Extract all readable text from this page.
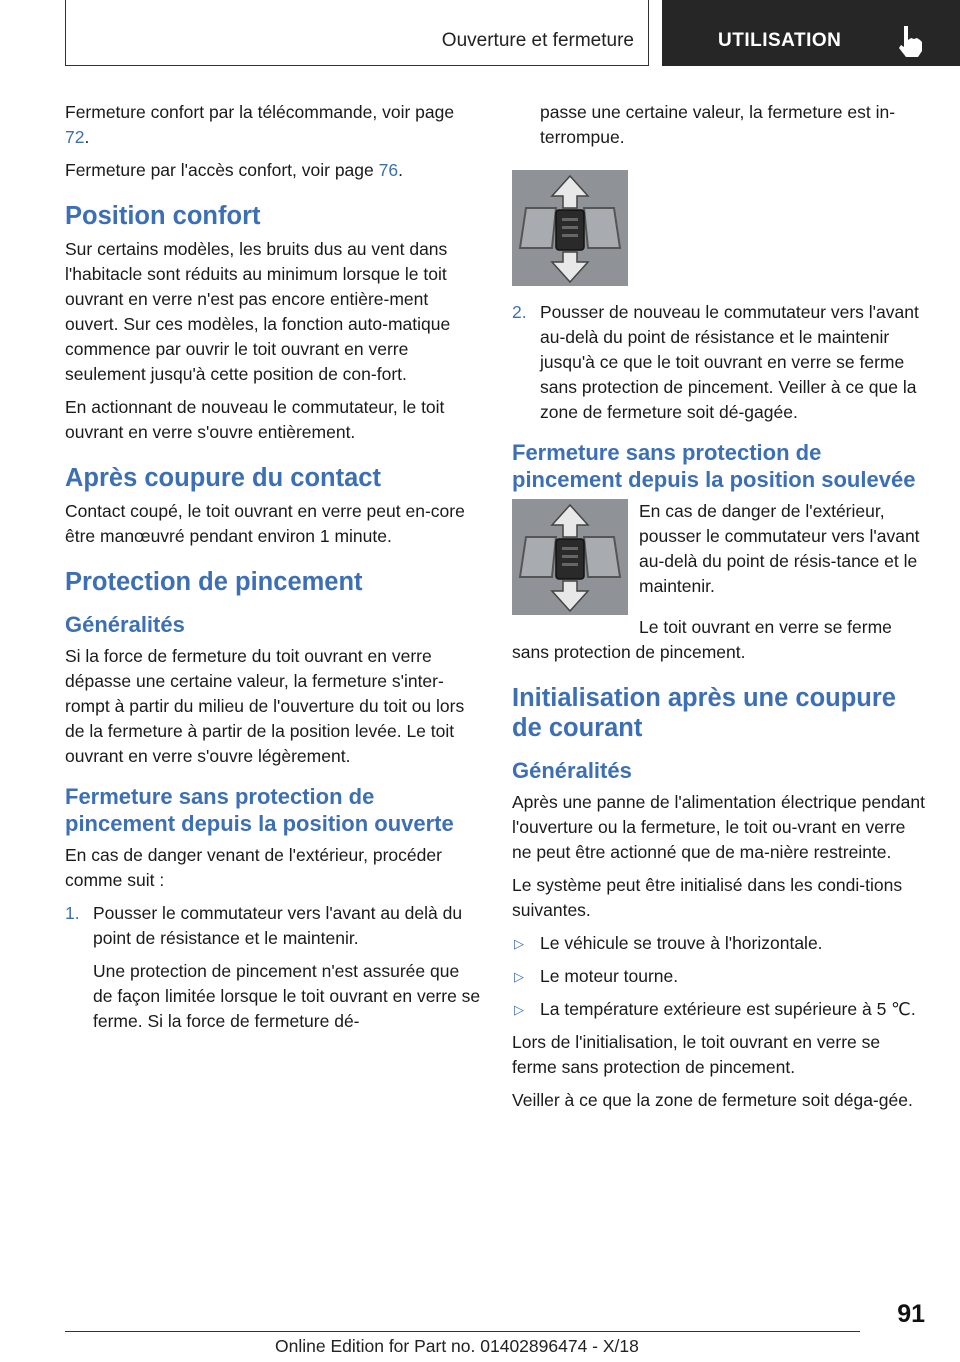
Ouverture et fermeture	UTILISATION

Fermeture confort par la télécommande, voir page 72.

Fermeture par l'accès confort, voir page 76.

Position confort

Sur certains modèles, les bruits dus au vent dans l'habitacle sont réduits au minimum lorsque le toit ouvrant en verre n'est pas encore entière-ment ouvert. Sur ces modèles, la fonction auto-matique commence par ouvrir le toit ouvrant en verre seulement jusqu'à cette position de con-fort.

En actionnant de nouveau le commutateur, le toit ouvrant en verre s'ouvre entièrement.

Après coupure du contact

Contact coupé, le toit ouvrant en verre peut en-core être manœuvré pendant environ 1 minute.

Protection de pincement
Généralités

Si la force de fermeture du toit ouvrant en verre dépasse une certaine valeur, la fermeture s'inter-rompt à partir du milieu de l'ouverture du toit ou lors de la fermeture à partir de la position levée. Le toit ouvrant en verre s'ouvre légèrement.

Fermeture sans protection de pincement depuis la position ouverte

En cas de danger venant de l'extérieur, procéder comme suit :

1. Pousser le commutateur vers l'avant au delà du point de résistance et le maintenir.
Une protection de pincement n'est assurée que de façon limitée lorsque le toit ouvrant en verre se ferme. Si la force de fermeture dé-
passe une certaine valeur, la fermeture est in-terrompue.
2. Pousser de nouveau le commutateur vers l'avant au-delà du point de résistance et le maintenir jusqu'à ce que le toit ouvrant en verre se ferme sans protection de pincement. Veiller à ce que la zone de fermeture soit dé-gagée.
Fermeture sans protection de pincement depuis la position soulevée

En cas de danger de l'extérieur, pousser le commutateur vers l'avant au-delà du point de résis-tance et le maintenir.

Le toit ouvrant en verre se ferme sans protection de pincement.

Initialisation après une coupure de courant
Généralités

Après une panne de l'alimentation électrique pendant l'ouverture ou la fermeture, le toit ou-vrant en verre ne peut être actionné que de ma-nière restreinte.

Le système peut être initialisé dans les condi-tions suivantes.

▷ Le véhicule se trouve à l'horizontale.
▷ Le moteur tourne.
▷ La température extérieure est supérieure à 5 ℃.

Lors de l'initialisation, le toit ouvrant en verre se ferme sans protection de pincement.

Veiller à ce que la zone de fermeture soit déga-gée.

91
Online Edition for Part no. 01402896474 - X/18
